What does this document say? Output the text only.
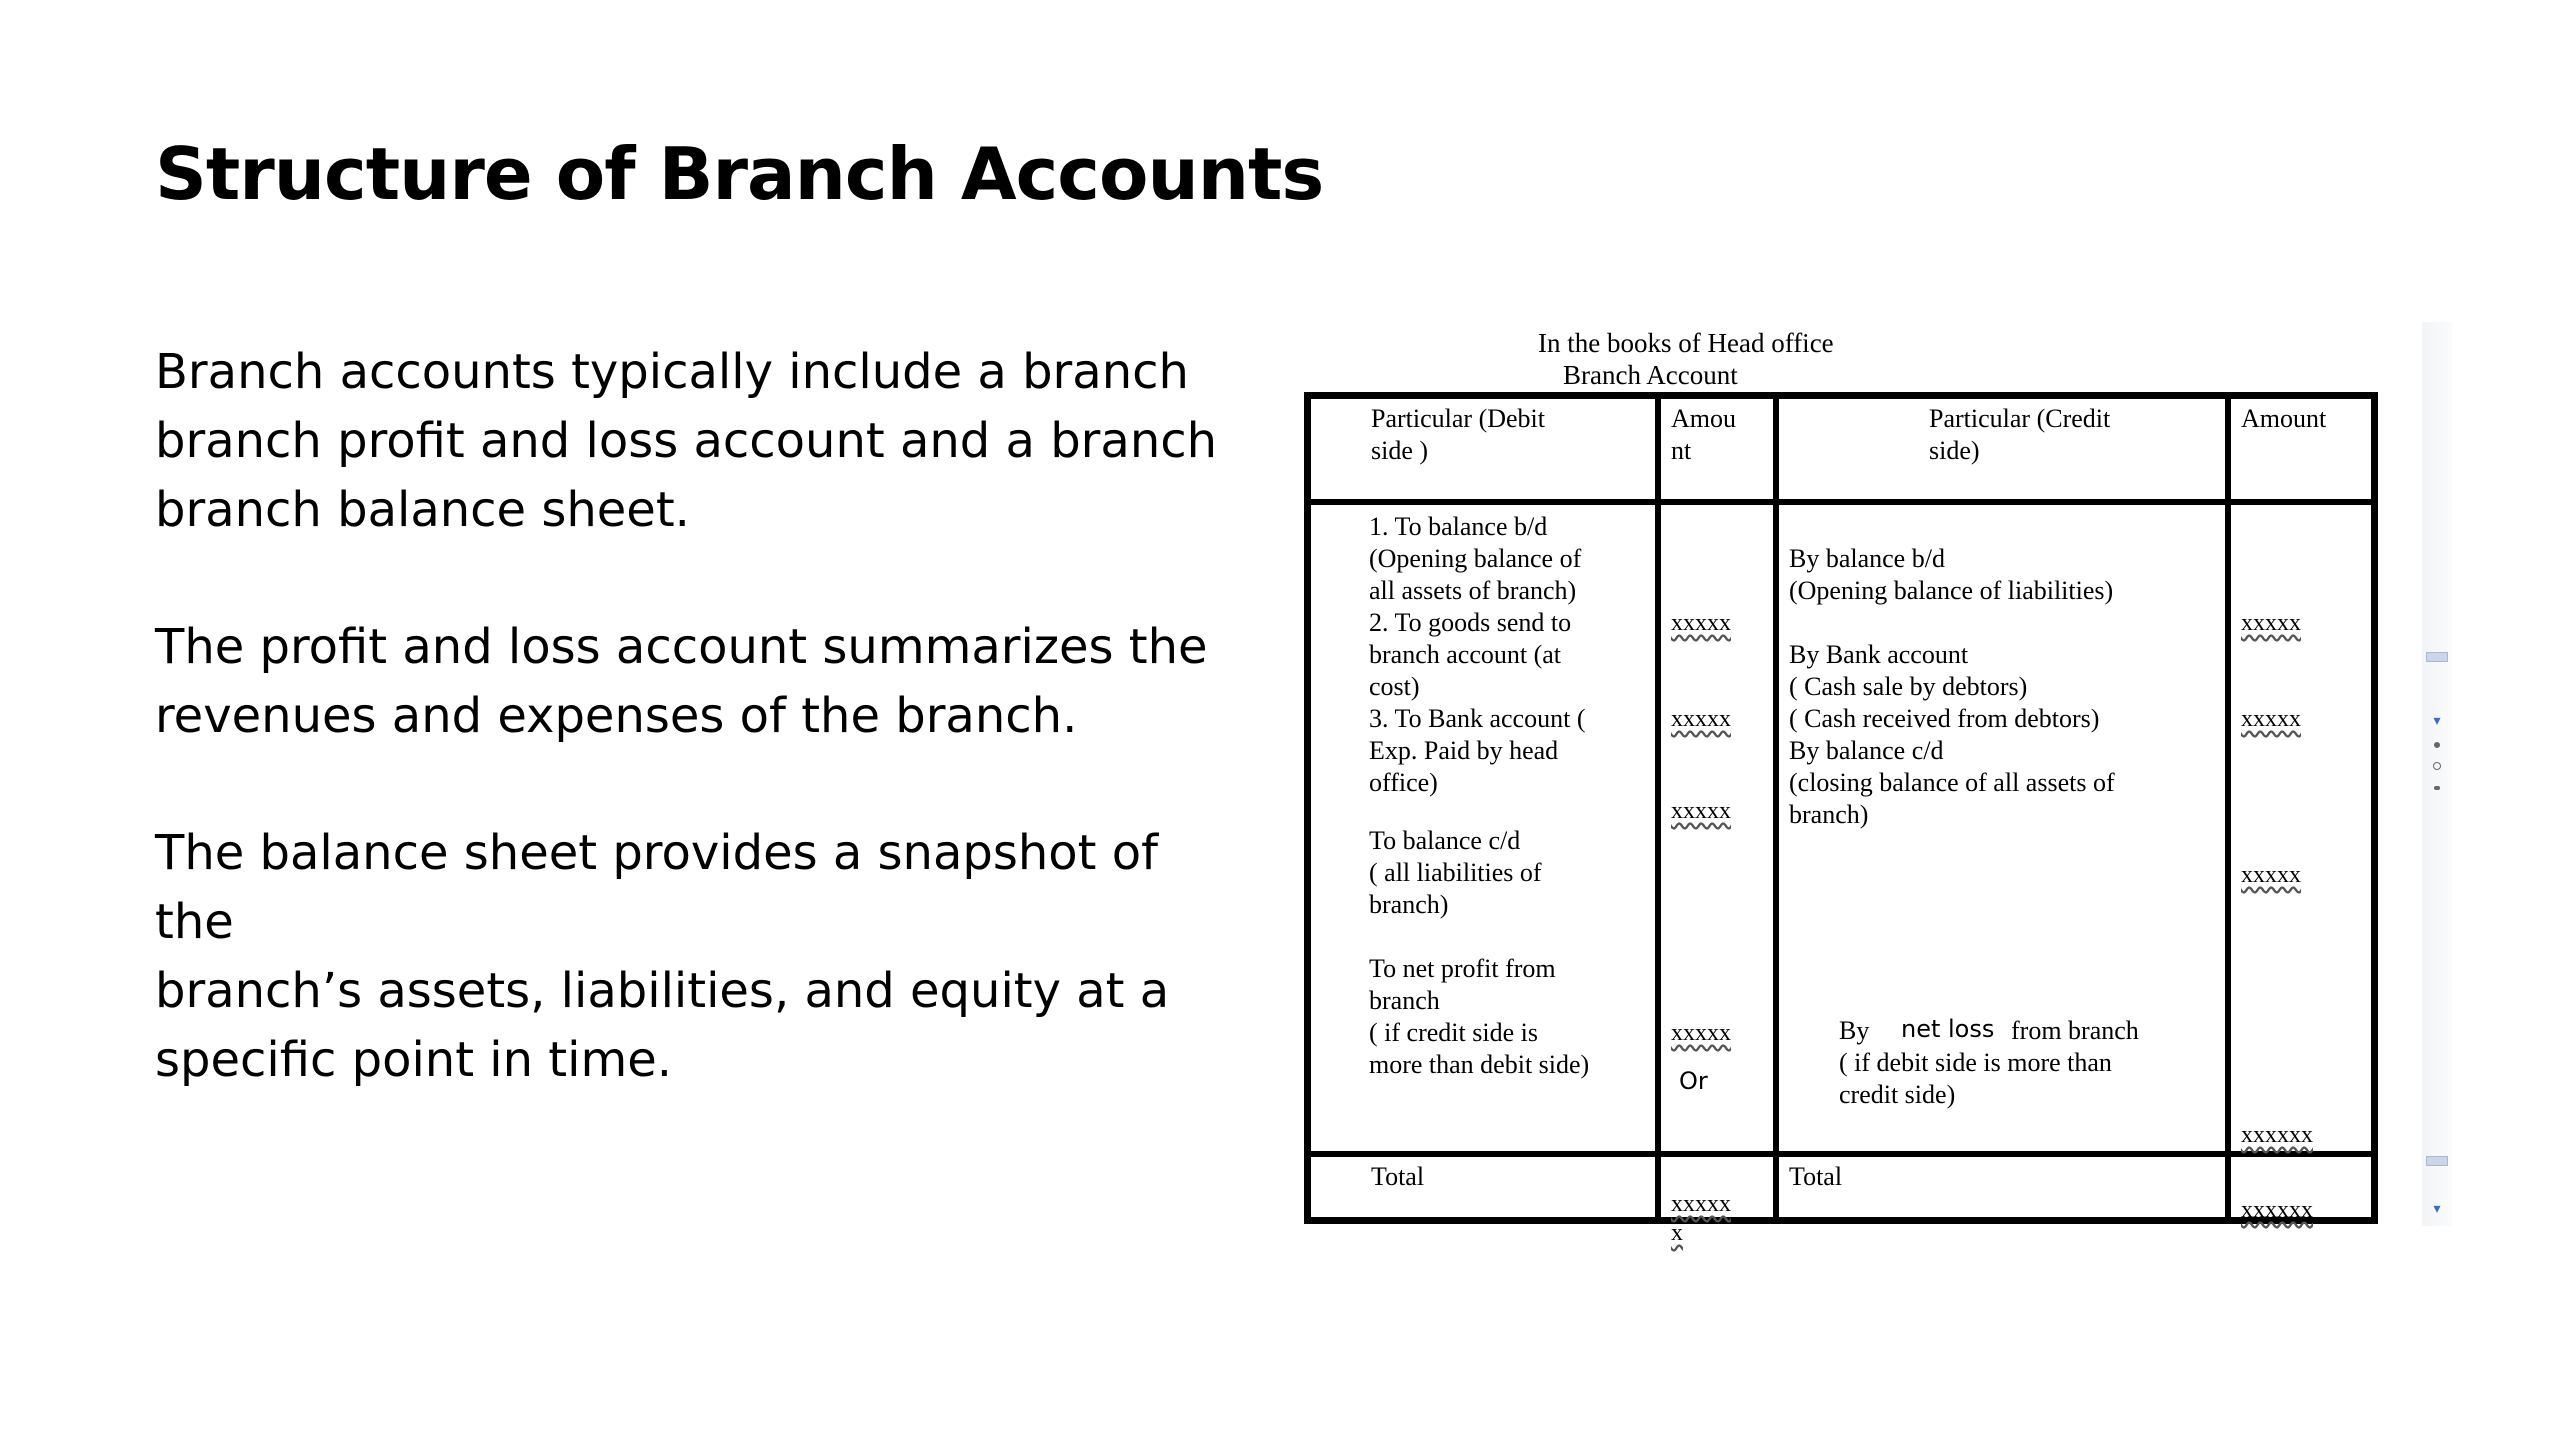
Structure of Branch Accounts

Branch accounts typically include a branch
branch profit and loss account and a branch
branch balance sheet.

The profit and loss account summarizes the
revenues and expenses of the branch.

The balance sheet provides a snapshot of the
branch’s assets, liabilities, and equity at a
specific point in time.

In the books of Head office
Branch Account
Particular (Debit
side )
Amou
nt
Particular (Credit
side)
Amount

1. To balance b/d
(Opening balance of
all assets of branch)

2. To goods send to
branch account (at
cost)

3. To Bank account (
Exp. Paid by head
office)

To balance c/d
( all liabilities of
branch)

To net profit from
branch
( if credit side is
more than debit side)

xxxxx

xxxxx

xxxxx

xxxxx

Or

By balance b/d
(Opening balance of liabilities)

By Bank account
( Cash sale by debtors)
( Cash received from debtors)
By balance c/d
(closing balance of all assets of
branch)

By net loss from branch

( if debit side is more than
credit side)

xxxxx

xxxxx

xxxxx

xxxxxx

Total

xxxxx
x

Total

xxxxxx

▾
▾
